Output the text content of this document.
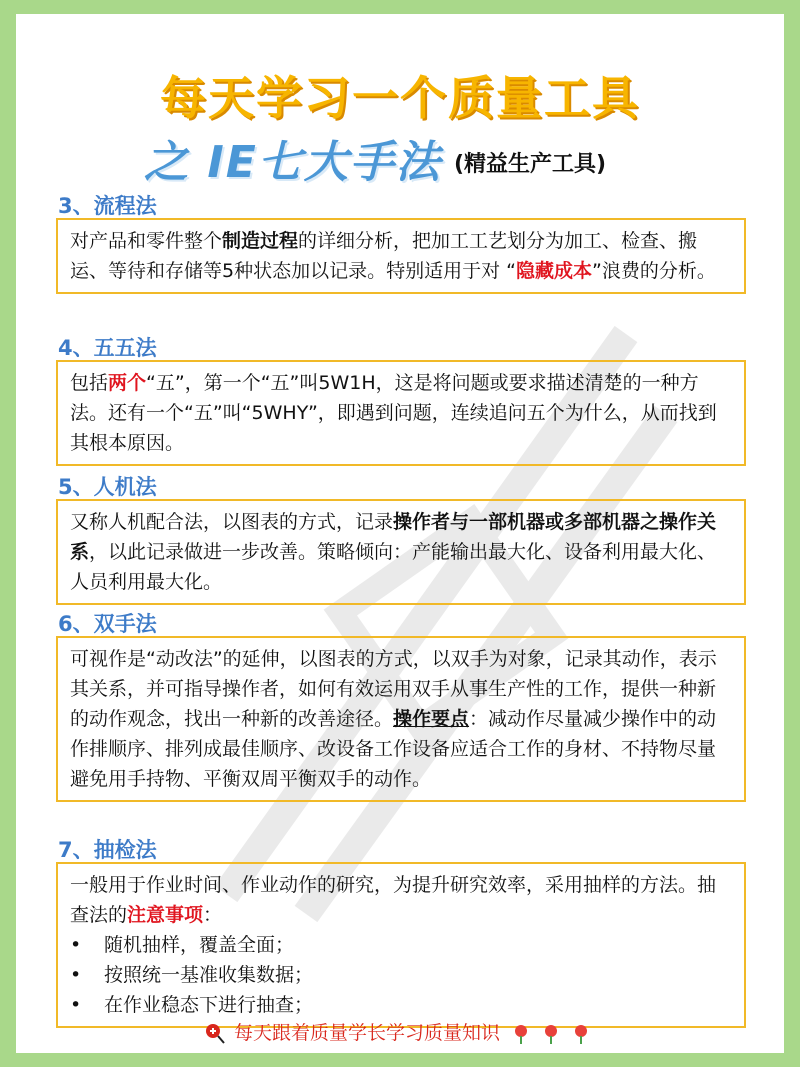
每天学习一个质量工具
之 IE七大手法 (精益生产工具)
3、流程法
对产品和零件整个制造过程的详细分析，把加工工艺划分为加工、检查、搬运、等待和存储等5种状态加以记录。特别适用于对 “隐藏成本”浪费的分析。
4、五五法
包括两个“五”，第一个“五”叫5W1H，这是将问题或要求描述清楚的一种方法。还有一个“五”叫“5WHY”，即遇到问题，连续追问五个为什么，从而找到其根本原因。
5、人机法
又称人机配合法，以图表的方式，记录操作者与一部机器或多部机器之操作关系，以此记录做进一步改善。策略倾向：产能输出最大化、设备利用最大化、人员利用最大化。
6、双手法
可视作是“动改法”的延伸，以图表的方式，以双手为对象，记录其动作，表示其关系，并可指导操作者，如何有效运用双手从事生产性的工作，提供一种新的动作观念，找出一种新的改善途径。操作要点：减动作尽量减少操作中的动作排顺序、排列成最佳顺序、改设备工作设备应适合工作的身材、不持物尽量避免用手持物、平衡双周平衡双手的动作。
7、抽检法
一般用于作业时间、作业动作的研究，为提升研究效率，采用抽样的方法。抽查法的注意事项：
•	随机抽样，覆盖全面；
•	按照统一基准收集数据；
•	在作业稳态下进行抽查；
每天跟着质量学长学习质量知识
